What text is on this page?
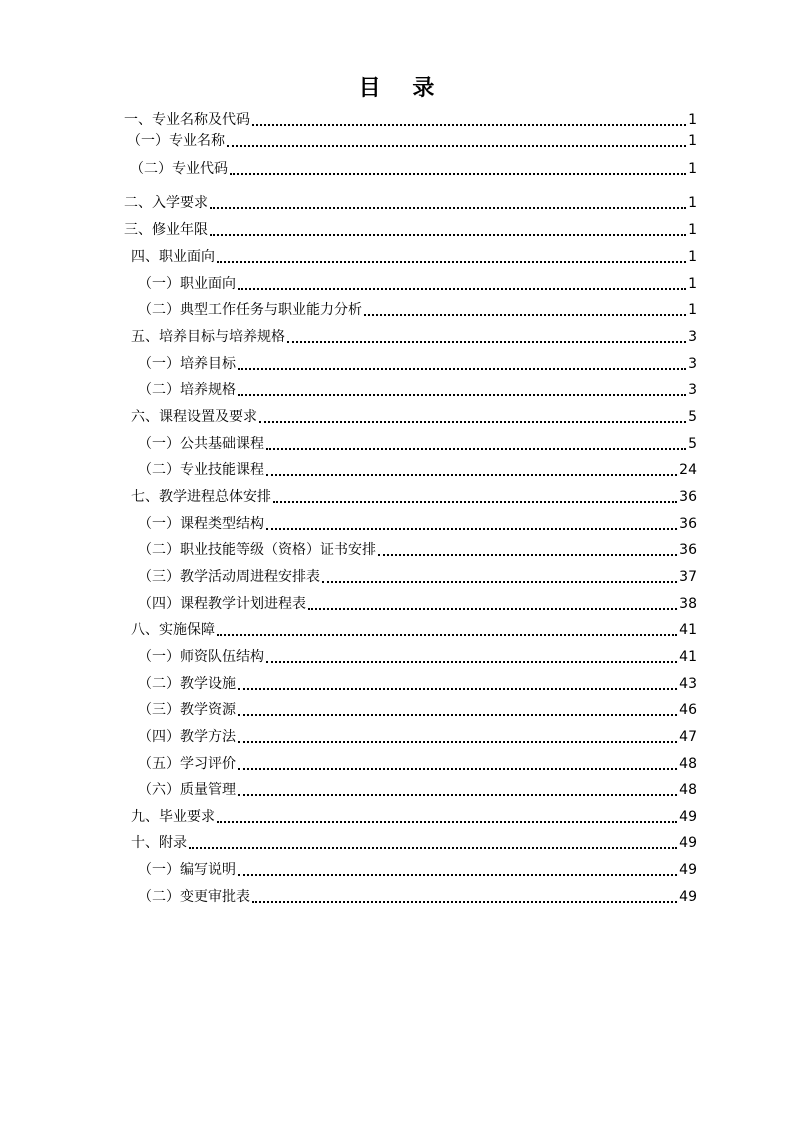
目 录
一、专业名称及代码	1
（一）专业名称	1
（二）专业代码	1
二、入学要求	1
三、修业年限	1
四、职业面向	1
（一）职业面向	1
（二）典型工作任务与职业能力分析	1
五、培养目标与培养规格	3
（一）培养目标	3
（二）培养规格	3
六、课程设置及要求	5
（一）公共基础课程	5
（二）专业技能课程	24
七、教学进程总体安排	36
（一）课程类型结构	36
（二）职业技能等级（资格）证书安排	36
（三）教学活动周进程安排表	37
（四）课程教学计划进程表	38
八、实施保障	41
（一）师资队伍结构	41
（二）教学设施	43
（三）教学资源	46
（四）教学方法	47
（五）学习评价	48
（六）质量管理	48
九、毕业要求	49
十、附录	49
（一）编写说明	49
（二）变更审批表	49
